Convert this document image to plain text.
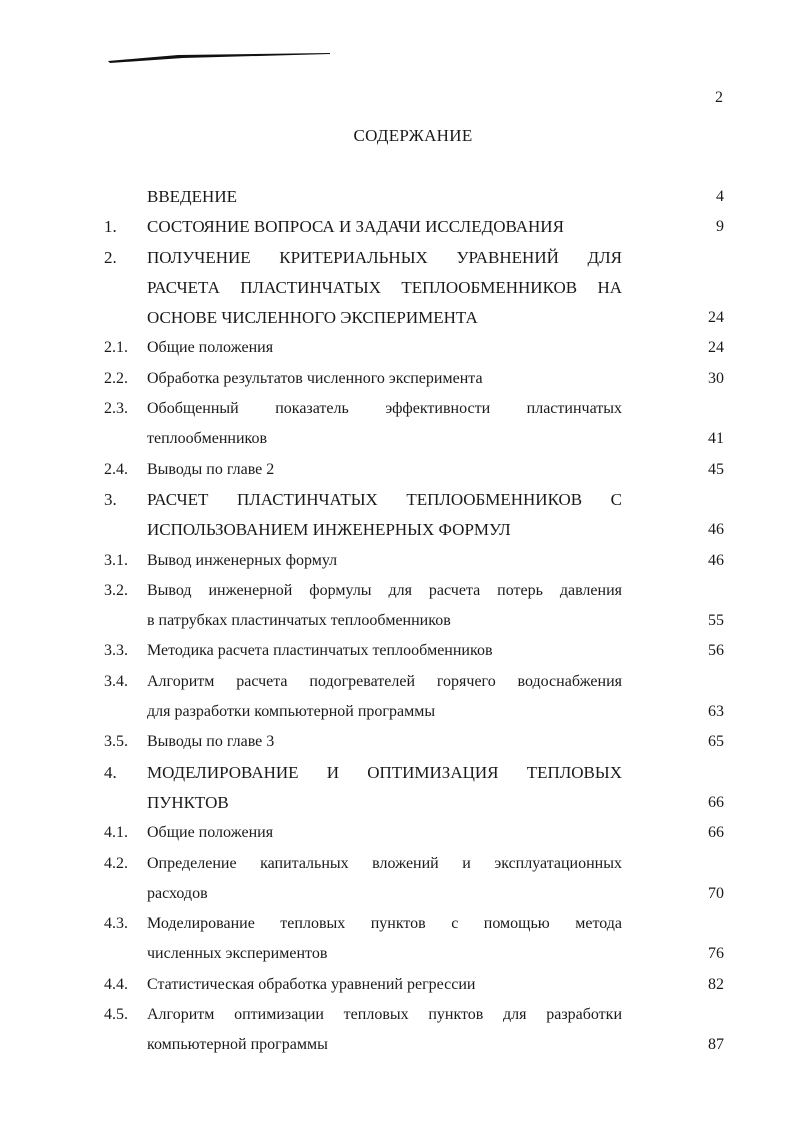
2
СОДЕРЖАНИЕ
ВВЕДЕНИЕ	4
1. СОСТОЯНИЕ ВОПРОСА И ЗАДАЧИ ИССЛЕДОВАНИЯ	9
2. ПОЛУЧЕНИЕ КРИТЕРИАЛЬНЫХ УРАВНЕНИЙ ДЛЯ
РАСЧЕТА ПЛАСТИНЧАТЫХ ТЕПЛООБМЕННИКОВ НА
ОСНОВЕ ЧИСЛЕННОГО ЭКСПЕРИМЕНТА	24
2.1. Общие положения	24
2.2. Обработка результатов численного эксперимента	30
2.3. Обобщенный показатель эффективности пластинчатых
теплообменников	41
2.4. Выводы по главе 2	45
3. РАСЧЕТ ПЛАСТИНЧАТЫХ ТЕПЛООБМЕННИКОВ С
ИСПОЛЬЗОВАНИЕМ ИНЖЕНЕРНЫХ ФОРМУЛ	46
3.1. Вывод инженерных формул	46
3.2. Вывод инженерной формулы для расчета потерь давления
в патрубках пластинчатых теплообменников	55
3.3. Методика расчета пластинчатых теплообменников	56
3.4. Алгоритм расчета подогревателей горячего водоснабжения
для разработки компьютерной программы	63
3.5. Выводы по главе 3	65
4. МОДЕЛИРОВАНИЕ И ОПТИМИЗАЦИЯ ТЕПЛОВЫХ
ПУНКТОВ	66
4.1. Общие положения	66
4.2. Определение капитальных вложений и эксплуатационных
расходов	70
4.3. Моделирование тепловых пунктов с помощью метода
численных экспериментов	76
4.4. Статистическая обработка уравнений регрессии	82
4.5. Алгоритм оптимизации тепловых пунктов для разработки
компьютерной программы	87
